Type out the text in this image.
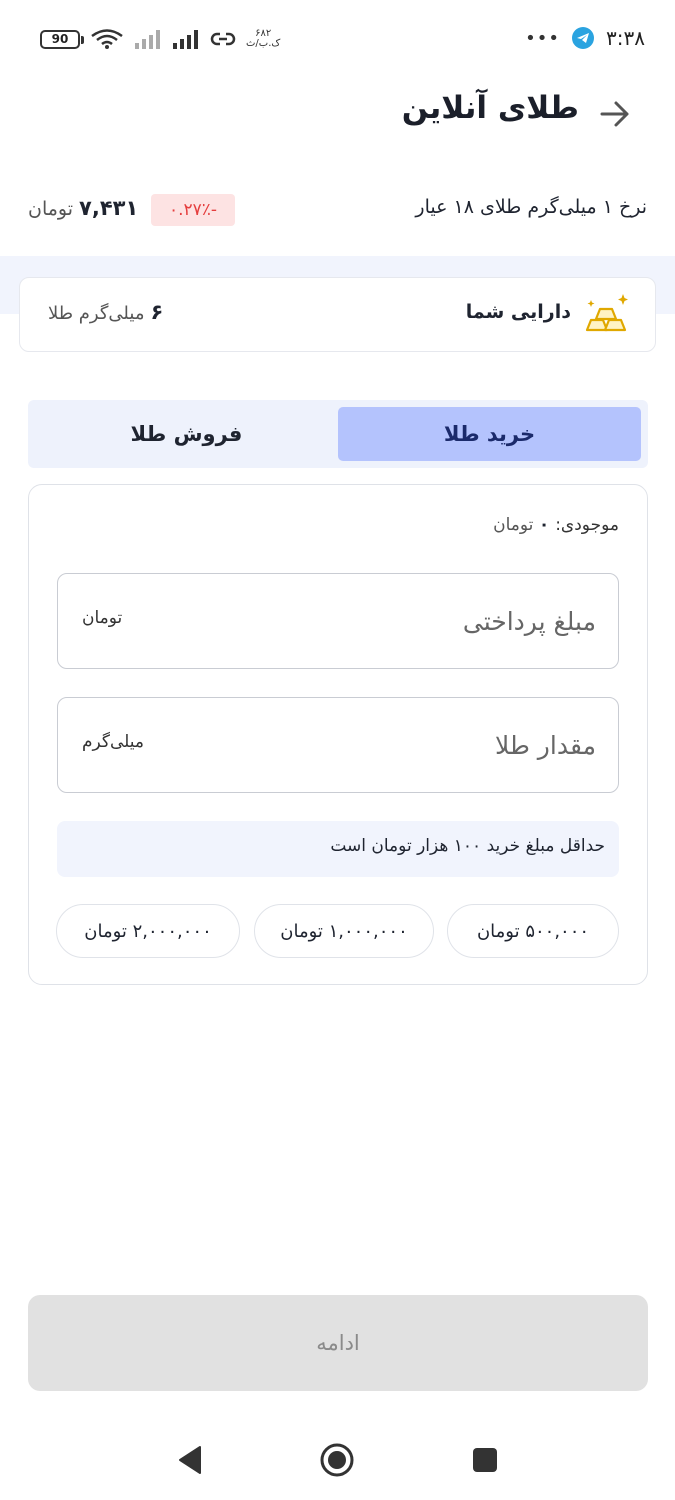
90	۶۸۲
ک.ب/ث	••• ۳:۳۸
طلای آنلاین
نرخ ۱ میلی‌گرم طلای ۱۸ عیار
-۰.۲۷٪
۷,۴۳۱
تومان
دارایی شما
۶
میلی‌گرم طلا
خرید طلا
فروش طلا
موجودی:
۰ تومان
مبلغ پرداختی
تومان
مقدار طلا
میلی‌گرم
حداقل مبلغ خرید ۱۰۰ هزار تومان است
۵۰۰,۰۰۰ تومان
۱,۰۰۰,۰۰۰ تومان
۲,۰۰۰,۰۰۰ تومان
ادامه
